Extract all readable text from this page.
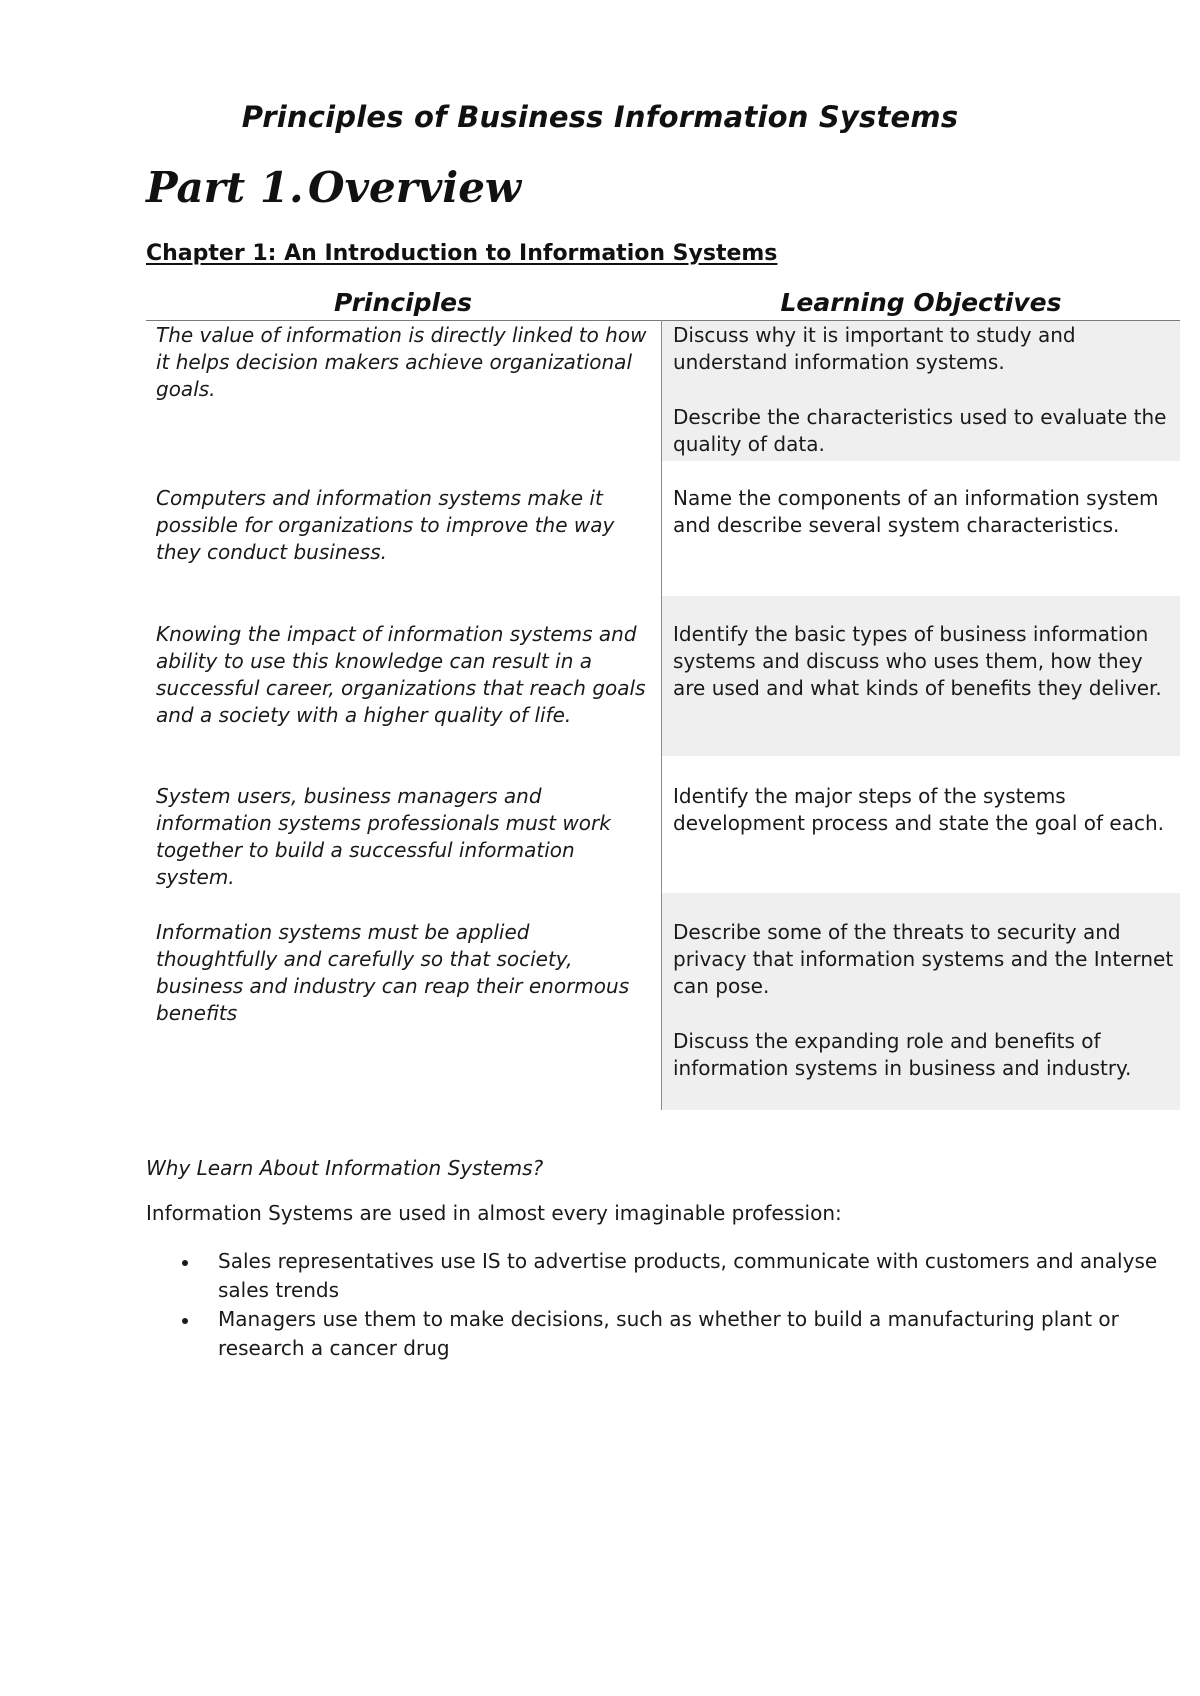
Principles of Business Information Systems
Part 1. Overview
Chapter 1: An Introduction to Information Systems
Principles	Learning Objectives
The value of information is directly linked to how it helps decision makers achieve organizational goals.
Computers and information systems make it possible for organizations to improve the way they conduct business.
Knowing the impact of information systems and ability to use this knowledge can result in a successful career, organizations that reach goals and a society with a higher quality of life.
System users, business managers and information systems professionals must work together to build a successful information system.
Information systems must be applied thoughtfully and carefully so that society, business and industry can reap their enormous benefits
Discuss why it is important to study and understand information systems.
Describe the characteristics used to evaluate the quality of data.
Name the components of an information system and describe several system characteristics.
Identify the basic types of business information systems and discuss who uses them, how they are used and what kinds of benefits they deliver.
Identify the major steps of the systems development process and state the goal of each.
Describe some of the threats to security and privacy that information systems and the Internet can pose.
Discuss the expanding role and benefits of information systems in business and industry.
Why Learn About Information Systems?
Information Systems are used in almost every imaginable profession:
Sales representatives use IS to advertise products, communicate with customers and analyse sales trends
Managers use them to make decisions, such as whether to build a manufacturing plant or research a cancer drug
